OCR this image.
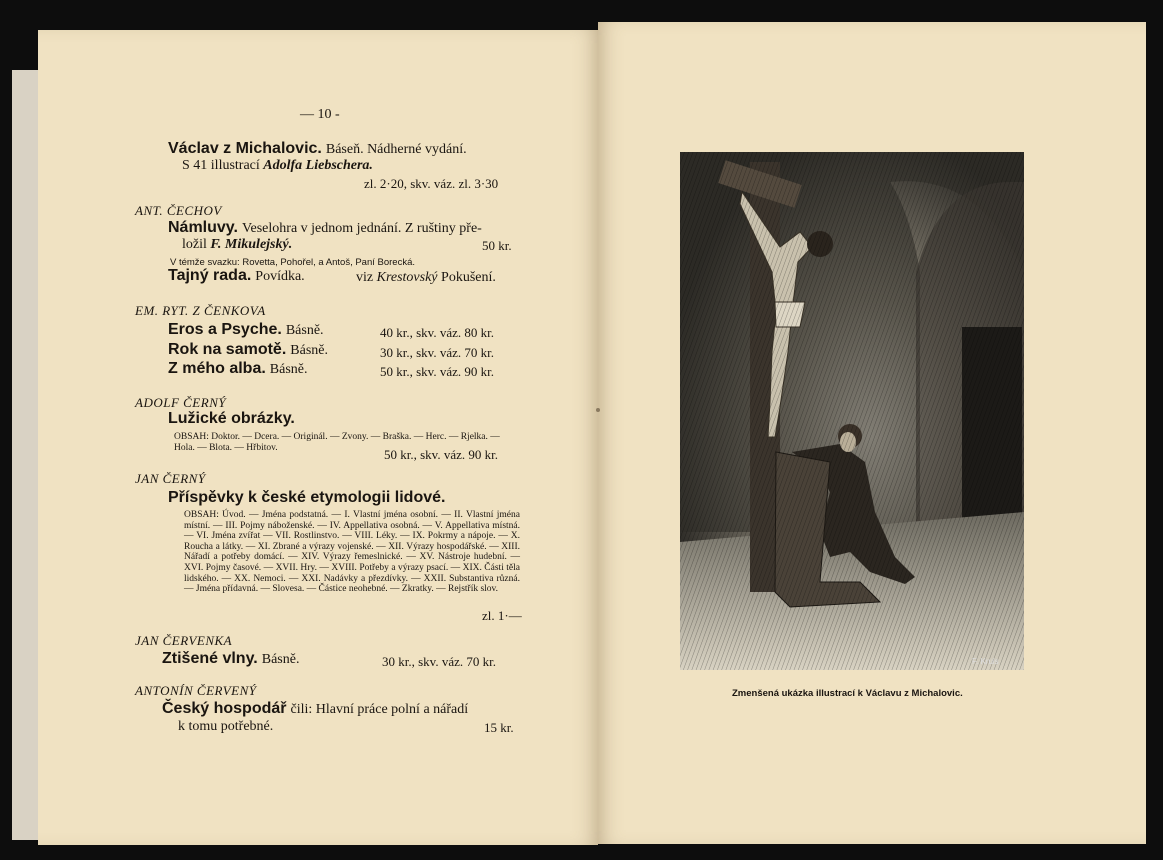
— 10 -
Václav z Michalovic. Báseň. Nádherné vydání.
S 41 illustrací Adolfa Liebschera.
zl. 2·20, skv. váz. zl. 3·30
ANT. ČECHOV
Námluvy. Veselohra v jednom jednání. Z ruštiny pře-
ložil F. Mikulejský.	50 kr.
V témže svazku: Rovetta, Pohořel, a Antoš, Paní Borecká.
Tajný rada. Povídka.	viz Krestovský Pokušení.
EM. RYT. Z ČENKOVA
Eros a Psyche. Básně.	40 kr., skv. váz. 80 kr.
Rok na samotě. Básně.	30 kr., skv. váz. 70 kr.
Z mého alba. Básně.	50 kr., skv. váz. 90 kr.
ADOLF ČERNÝ
Lužické obrázky.
OBSAH: Doktor. — Dcera. — Originál. — Zvony. — Braška. — Herc. — Rjelka. — Hola. — Blota. — Hřbitov.	50 kr., skv. váz. 90 kr.
JAN ČERNÝ
Příspěvky k české etymologii lidové.
OBSAH: Úvod. — Jména podstatná. — I. Vlastní jména osobní. — II. Vlastní jména místní. — III. Pojmy náboženské. — IV. Appellativa osobná. — V. Appellativa místná. — VI. Jména zvířat — VII. Rostlinstvo. — VIII. Léky. — IX. Pokrmy a nápoje. — X. Roucha a látky. — XI. Zbrané a výrazy vojenské. — XII. Výrazy hospodářské. — XIII. Nářadí a potřeby domácí. — XIV. Výrazy řemeslnické. — XV. Nástroje hudební. — XVI. Pojmy časové. — XVII. Hry. — XVIII. Potřeby a výrazy psací. — XIX. Části těla lidského. — XX. Nemoci. — XXI. Nadávky a přezdívky. — XXII. Substantiva různá. — Jména přídavná. — Slovesa. — Částice neohebné. — Zkratky. — Rejstřík slov.
zl. 1·—
JAN ČERVENKA
Ztišené vlny. Básně.	30 kr., skv. váz. 70 kr.
ANTONÍN ČERVENÝ
Český hospodář čili: Hlavní práce polní a nářadí
k tomu potřebné.	15 kr.
F. Kruis
Zmenšená ukázka illustrací k Václavu z Michalovic.
